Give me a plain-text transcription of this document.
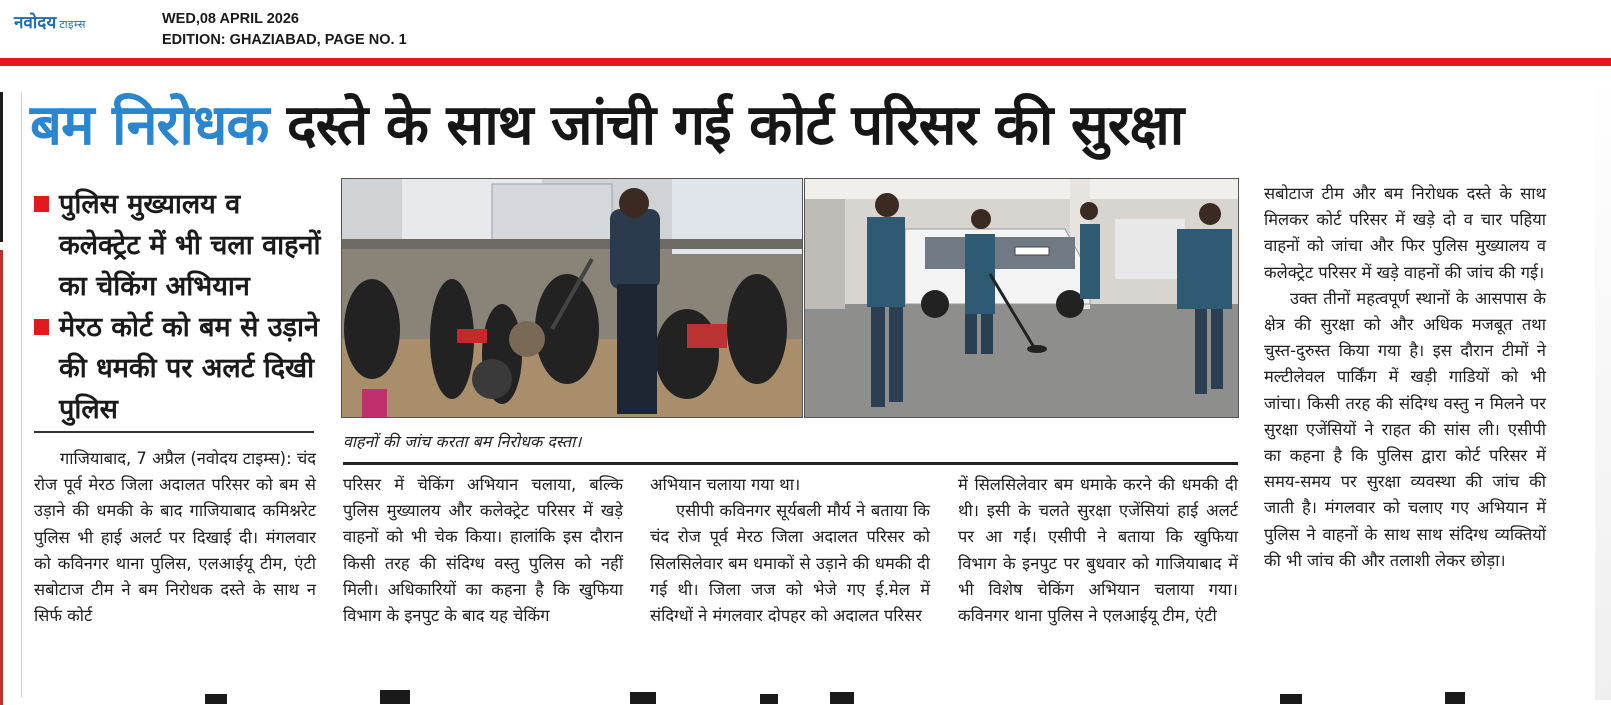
नवोदय टाइम्स	WED,08 APRIL 2026
EDITION: GHAZIABAD, PAGE NO. 1
बम निरोधक दस्ते के साथ जांची गई कोर्ट परिसर की सुरक्षा
पुलिस मुख्यालय व कलेक्ट्रेट में भी चला वाहनों का चेकिंग अभियान
मेरठ कोर्ट को बम से उड़ाने की धमकी पर अलर्ट दिखी पुलिस
वाहनों की जांच करता बम निरोधक दस्ता।

गाजियाबाद, 7 अप्रैल (नवोदय टाइम्स): चंद रोज पूर्व मेरठ जिला अदालत परिसर को बम से उड़ाने की धमकी के बाद गाजियाबाद कमिश्नरेट पुलिस भी हाई अलर्ट पर दिखाई दी। मंगलवार को कविनगर थाना पुलिस, एलआईयू टीम, एंटी सबोटाज टीम ने बम निरोधक दस्ते के साथ न सिर्फ कोर्ट

परिसर में चेकिंग अभियान चलाया, बल्कि पुलिस मुख्यालय और कलेक्ट्रेट परिसर में खड़े वाहनों को भी चेक किया। हालांकि इस दौरान किसी तरह की संदिग्ध वस्तु पुलिस को नहीं मिली। अधिकारियों का कहना है कि खुफिया विभाग के इनपुट के बाद यह चेकिंग

अभियान चलाया गया था।

एसीपी कविनगर सूर्यबली मौर्य ने बताया कि चंद रोज पूर्व मेरठ जिला अदालत परिसर को सिलसिलेवार बम धमाकों से उड़ाने की धमकी दी गई थी। जिला जज को भेजे गए ई.मेल में संदिग्धों ने मंगलवार दोपहर को अदालत परिसर

में सिलसिलेवार बम धमाके करने की धमकी दी थी। इसी के चलते सुरक्षा एजेंसियां हाई अलर्ट पर आ गईं। एसीपी ने बताया कि खुफिया विभाग के इनपुट पर बुधवार को गाजियाबाद में भी विशेष चेकिंग अभियान चलाया गया। कविनगर थाना पुलिस ने एलआईयू टीम, एंटी

सबोटाज टीम और बम निरोधक दस्ते के साथ मिलकर कोर्ट परिसर में खड़े दो व चार पहिया वाहनों को जांचा और फिर पुलिस मुख्यालय व कलेक्ट्रेट परिसर में खड़े वाहनों की जांच की गई।

उक्त तीनों महत्वपूर्ण स्थानों के आसपास के क्षेत्र की सुरक्षा को और अधिक मजबूत तथा चुस्त-दुरुस्त किया गया है। इस दौरान टीमों ने मल्टीलेवल पार्किंग में खड़ी गाडियों को भी जांचा। किसी तरह की संदिग्ध वस्तु न मिलने पर सुरक्षा एजेंसियों ने राहत की सांस ली। एसीपी का कहना है कि पुलिस द्वारा कोर्ट परिसर में समय-समय पर सुरक्षा व्यवस्था की जांच की जाती है। मंगलवार को चलाए गए अभियान में पुलिस ने वाहनों के साथ साथ संदिग्ध व्यक्तियों की भी जांच की और तलाशी लेकर छोड़ा।
